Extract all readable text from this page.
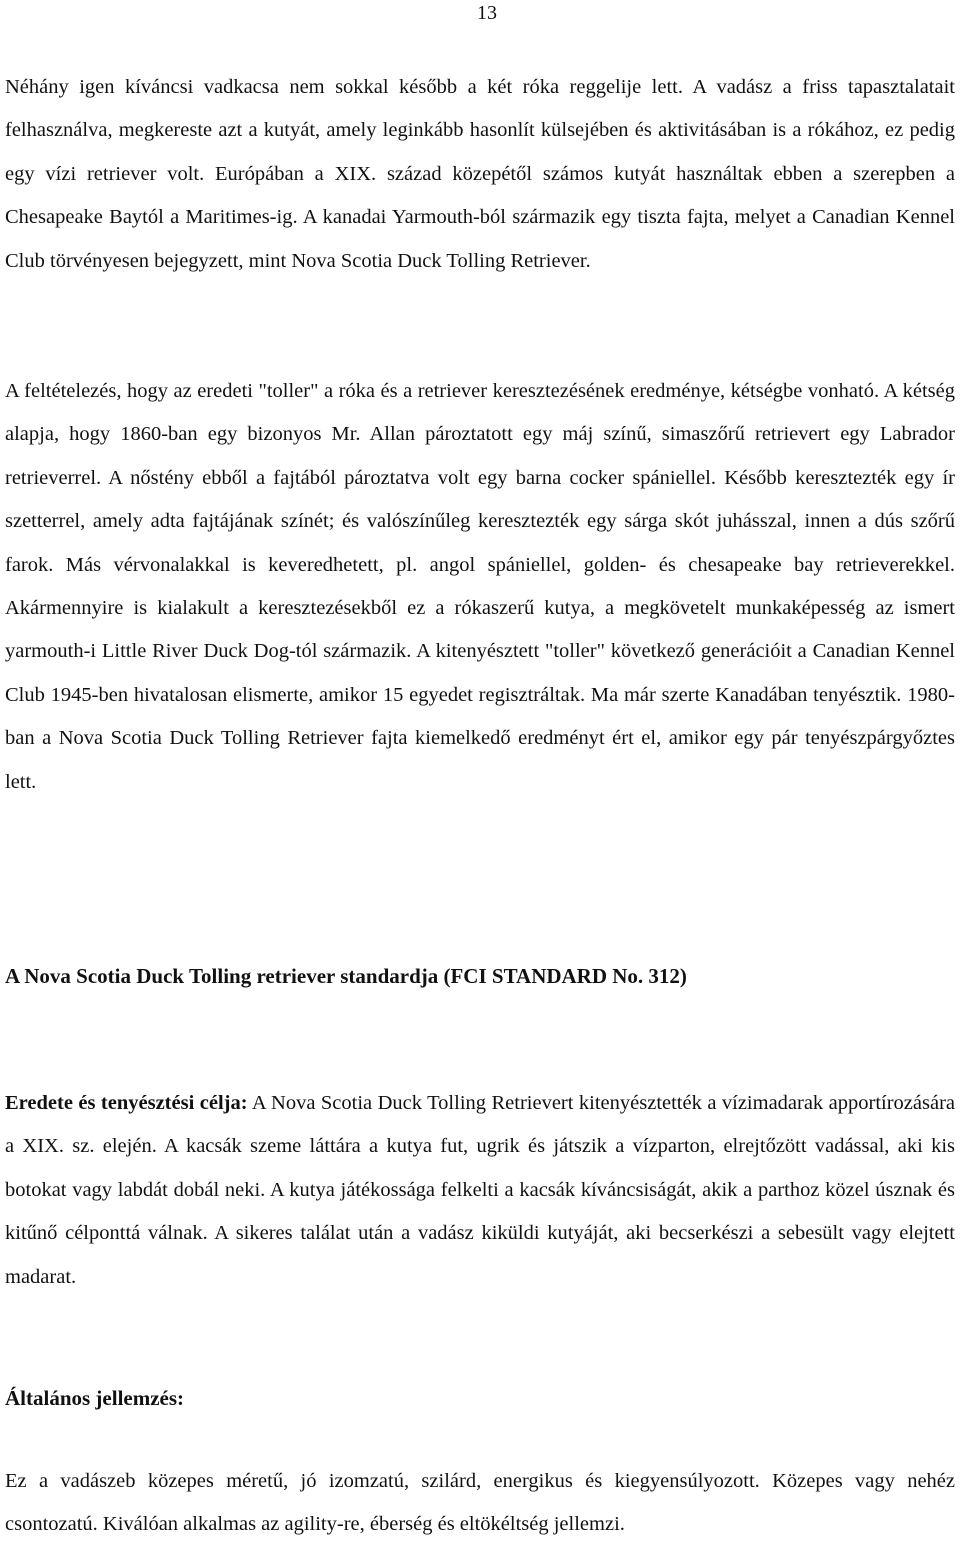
13

Néhány igen kíváncsi vadkacsa nem sokkal később a két róka reggelije lett. A vadász a friss tapasztalatait felhasználva, megkereste azt a kutyát, amely leginkább hasonlít külsejében és aktivitásában is a rókához, ez pedig egy vízi retriever volt. Európában a XIX. század közepétől számos kutyát használtak ebben a szerepben a Chesapeake Baytól a Maritimes-ig. A kanadai Yarmouth-ból származik egy tiszta fajta, melyet a Canadian Kennel Club törvényesen bejegyzett, mint Nova Scotia Duck Tolling Retriever.

A feltételezés, hogy az eredeti "toller" a róka és a retriever keresztezésének eredménye, kétségbe vonható. A kétség alapja, hogy 1860-ban egy bizonyos Mr. Allan pároztatott egy máj színű, simaszőrű retrievert egy Labrador retrieverrel. A nőstény ebből a fajtából pároztatva volt egy barna cocker spániellel. Később keresztezték egy ír szetterrel, amely adta fajtájának színét; és valószínűleg keresztezték egy sárga skót juhásszal, innen a dús szőrű farok. Más vérvonalakkal is keveredhetett, pl. angol spániellel, golden- és chesapeake bay retrieverekkel. Akármennyire is kialakult a keresztezésekből ez a rókaszerű kutya, a megkövetelt munkaképesség az ismert yarmouth-i Little River Duck Dog-tól származik. A kitenyésztett "toller" következő generációit a Canadian Kennel Club 1945-ben hivatalosan elismerte, amikor 15 egyedet regisztráltak. Ma már szerte Kanadában tenyésztik. 1980-ban a Nova Scotia Duck Tolling Retriever fajta kiemelkedő eredményt ért el, amikor egy pár tenyészpárgyőztes lett.

A Nova Scotia Duck Tolling retriever standardja (FCI STANDARD No. 312)

Eredete és tenyésztési célja: A Nova Scotia Duck Tolling Retrievert kitenyésztették a vízimadarak apportírozására a XIX. sz. elején. A kacsák szeme láttára a kutya fut, ugrik és játszik a vízparton, elrejtőzött vadással, aki kis botokat vagy labdát dobál neki. A kutya játékossága felkelti a kacsák kíváncsiságát, akik a parthoz közel úsznak és kitűnő célponttá válnak. A sikeres találat után a vadász kiküldi kutyáját, aki becserkészi a sebesült vagy elejtett madarat.

Általános jellemzés:

Ez a vadászeb közepes méretű, jó izomzatú, szilárd, energikus és kiegyensúlyozott. Közepes vagy nehéz csontozatú. Kiválóan alkalmas az agility-re, éberség és eltökéltség jellemzi.
